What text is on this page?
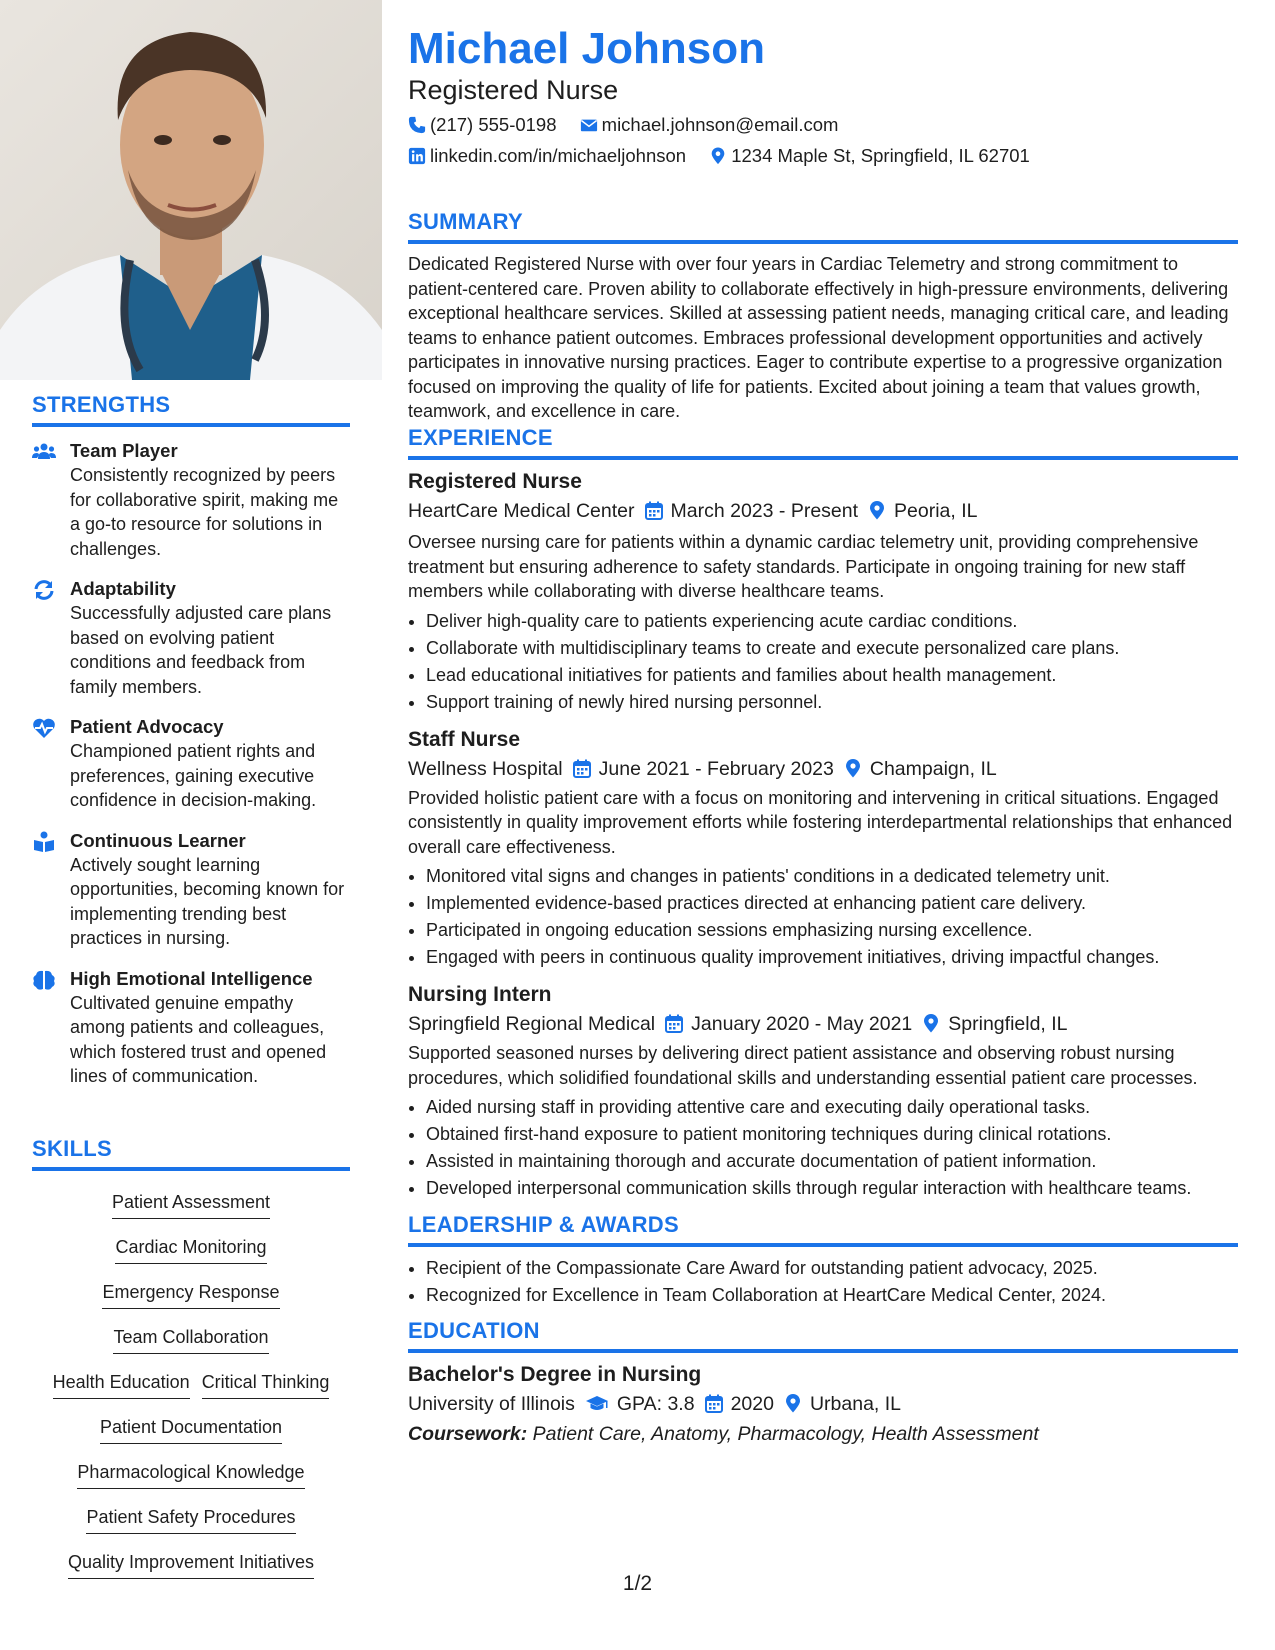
STRENGTHS
Team Player
Consistently recognized by peers for collaborative spirit, making me a go-to resource for solutions in challenges.
Adaptability
Successfully adjusted care plans based on evolving patient conditions and feedback from family members.
Patient Advocacy
Championed patient rights and preferences, gaining executive confidence in decision-making.
Continuous Learner
Actively sought learning opportunities, becoming known for implementing trending best practices in nursing.
High Emotional Intelligence
Cultivated genuine empathy among patients and colleagues, which fostered trust and opened lines of communication.
SKILLS
Patient Assessment
Cardiac Monitoring
Emergency Response
Team Collaboration
Health Education Critical Thinking
Patient Documentation
Pharmacological Knowledge
Patient Safety Procedures
Quality Improvement Initiatives
Michael Johnson
Registered Nurse
(217) 555-0198 michael.johnson@email.com
linkedin.com/in/michaeljohnson 1234 Maple St, Springfield, IL 62701
SUMMARY

Dedicated Registered Nurse with over four years in Cardiac Telemetry and strong commitment to patient-centered care. Proven ability to collaborate effectively in high-pressure environments, delivering exceptional healthcare services. Skilled at assessing patient needs, managing critical care, and leading teams to enhance patient outcomes. Embraces professional development opportunities and actively participates in innovative nursing practices. Eager to contribute expertise to a progressive organization focused on improving the quality of life for patients. Excited about joining a team that values growth, teamwork, and excellence in care.

EXPERIENCE
Registered Nurse
HeartCare Medical Center March 2023 - Present Peoria, IL

Oversee nursing care for patients within a dynamic cardiac telemetry unit, providing comprehensive treatment but ensuring adherence to safety standards. Participate in ongoing training for new staff members while collaborating with diverse healthcare teams.

• Deliver high-quality care to patients experiencing acute cardiac conditions.
• Collaborate with multidisciplinary teams to create and execute personalized care plans.
• Lead educational initiatives for patients and families about health management.
• Support training of newly hired nursing personnel.
Staff Nurse
Wellness Hospital June 2021 - February 2023 Champaign, IL

Provided holistic patient care with a focus on monitoring and intervening in critical situations. Engaged consistently in quality improvement efforts while fostering interdepartmental relationships that enhanced overall care effectiveness.

• Monitored vital signs and changes in patients' conditions in a dedicated telemetry unit.
• Implemented evidence-based practices directed at enhancing patient care delivery.
• Participated in ongoing education sessions emphasizing nursing excellence.
• Engaged with peers in continuous quality improvement initiatives, driving impactful changes.
Nursing Intern
Springfield Regional Medical January 2020 - May 2021 Springfield, IL

Supported seasoned nurses by delivering direct patient assistance and observing robust nursing procedures, which solidified foundational skills and understanding essential patient care processes.

• Aided nursing staff in providing attentive care and executing daily operational tasks.
• Obtained first-hand exposure to patient monitoring techniques during clinical rotations.
• Assisted in maintaining thorough and accurate documentation of patient information.
• Developed interpersonal communication skills through regular interaction with healthcare teams.
LEADERSHIP & AWARDS
• Recipient of the Compassionate Care Award for outstanding patient advocacy, 2025.
• Recognized for Excellence in Team Collaboration at HeartCare Medical Center, 2024.
EDUCATION
Bachelor's Degree in Nursing
University of Illinois GPA: 3.8 2020 Urbana, IL
Coursework: Patient Care, Anatomy, Pharmacology, Health Assessment
1/2
